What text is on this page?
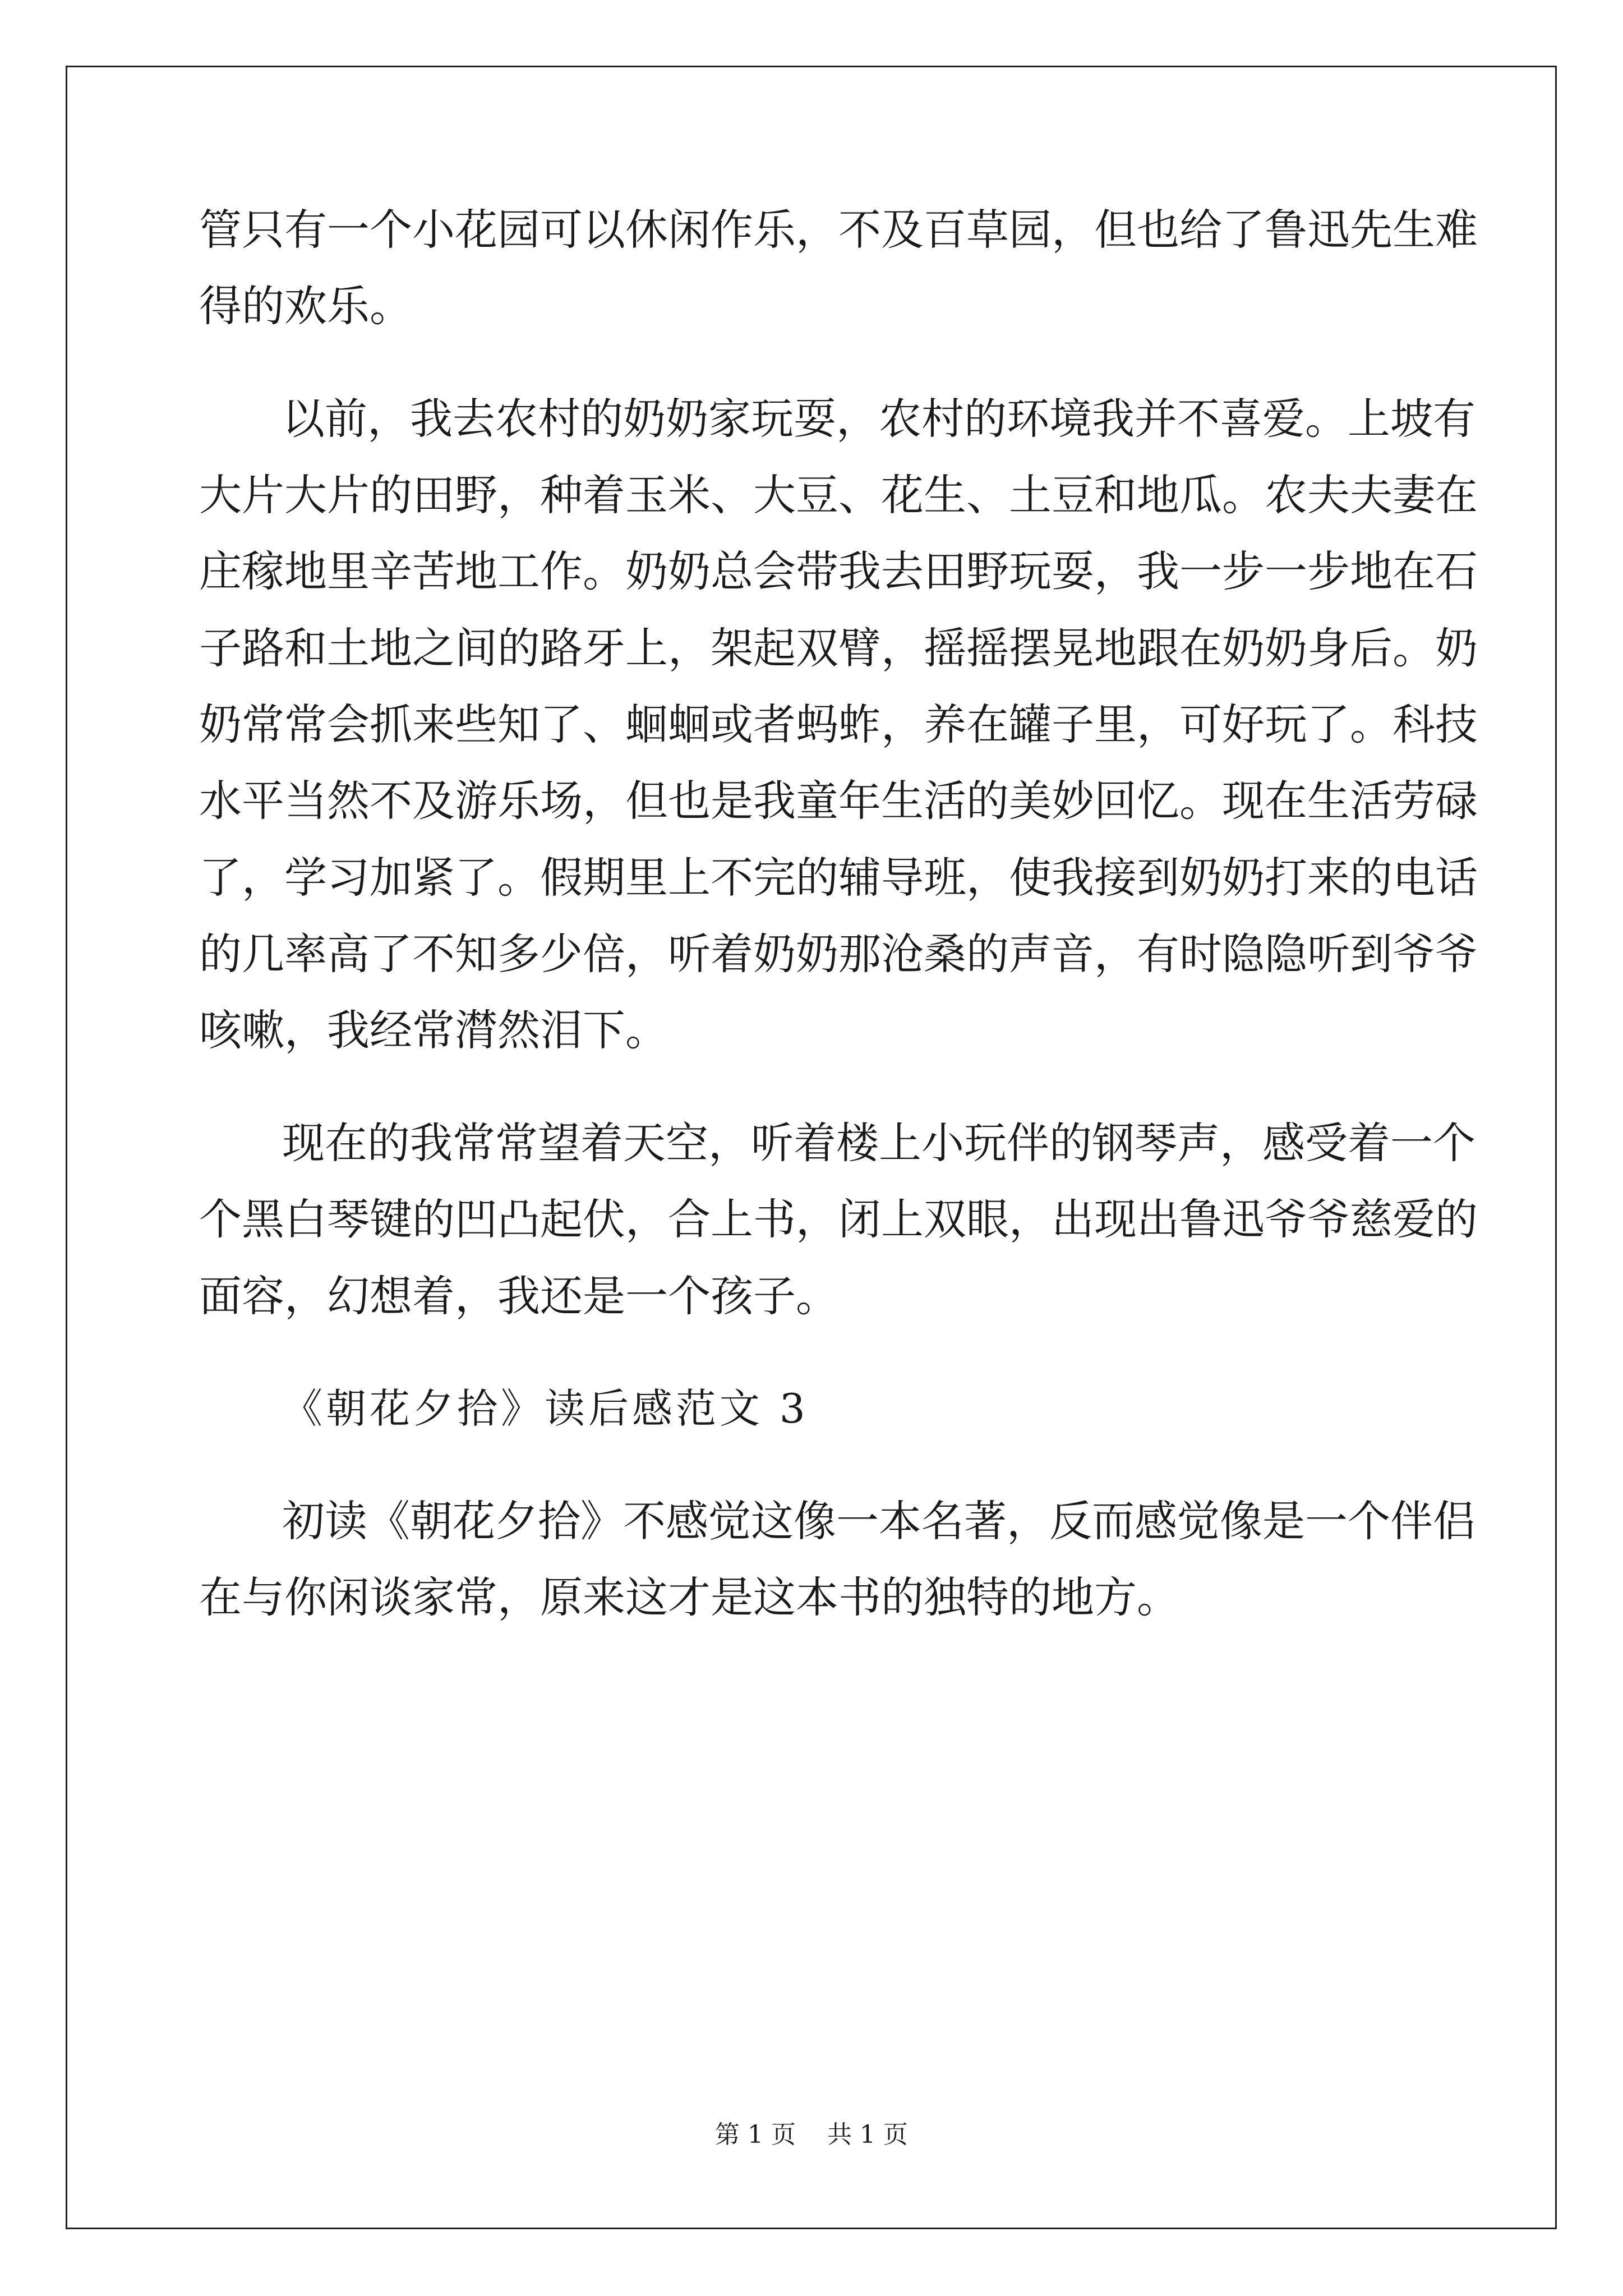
管只有一个小花园可以休闲作乐，不及百草园，但也给了鲁迅先生难
得的欢乐。
以前，我去农村的奶奶家玩耍，农村的环境我并不喜爱。上坡有
大片大片的田野，种着玉米、大豆、花生、土豆和地瓜。农夫夫妻在
庄稼地里辛苦地工作。奶奶总会带我去田野玩耍，我一步一步地在石
子路和土地之间的路牙上，架起双臂，摇摇摆晃地跟在奶奶身后。奶
奶常常会抓来些知了、蛔蛔或者蚂蚱，养在罐子里，可好玩了。科技
水平当然不及游乐场，但也是我童年生活的美妙回忆。现在生活劳碌
了，学习加紧了。假期里上不完的辅导班，使我接到奶奶打来的电话
的几率高了不知多少倍，听着奶奶那沧桑的声音，有时隐隐听到爷爷
咳嗽，我经常潸然泪下。
现在的我常常望着天空，听着楼上小玩伴的钢琴声，感受着一个
个黑白琴键的凹凸起伏，合上书，闭上双眼，出现出鲁迅爷爷慈爱的
面容，幻想着，我还是一个孩子。
《朝花夕拾》读后感范文 3
初读《朝花夕拾》不感觉这像一本名著，反而感觉像是一个伴侣
在与你闲谈家常，原来这才是这本书的独特的地方。
第 1 页    共 1 页
